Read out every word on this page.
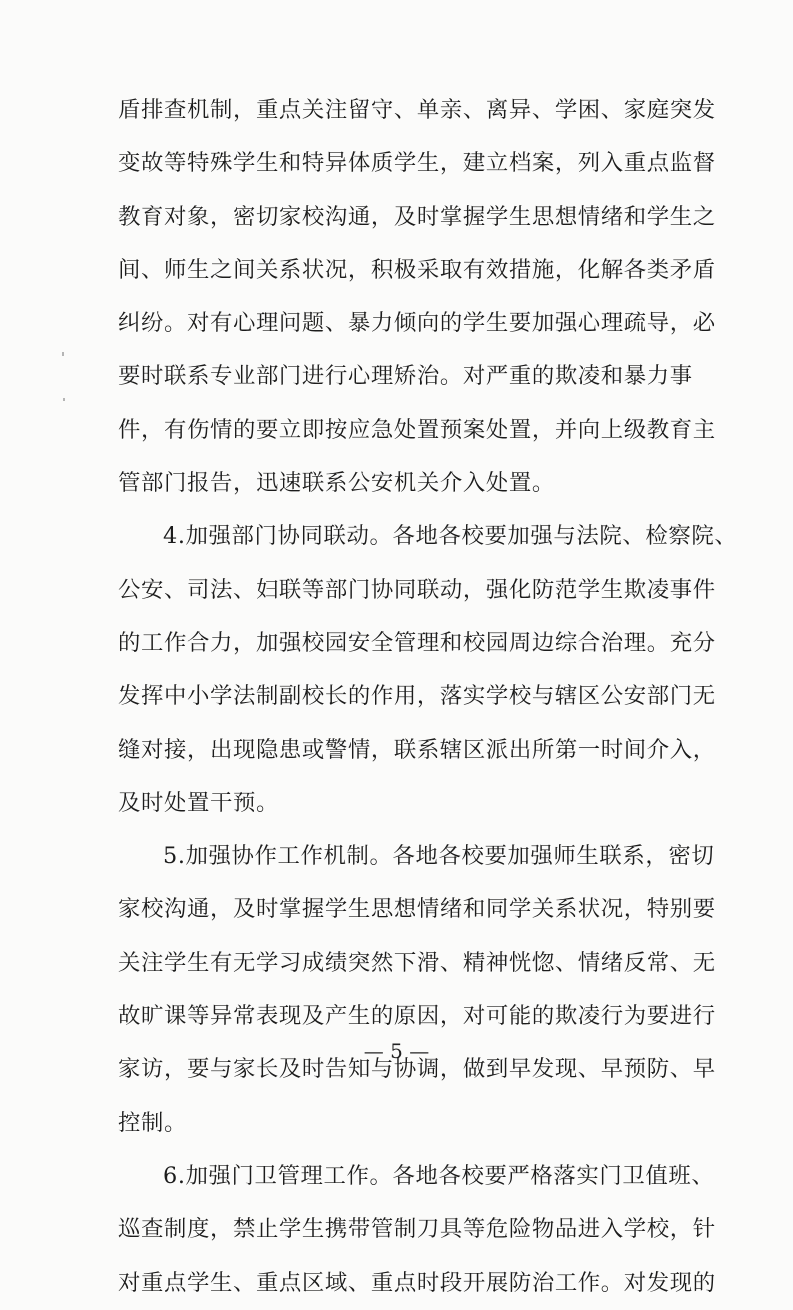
盾排查机制，重点关注留守、单亲、离异、学困、家庭突发
变故等特殊学生和特异体质学生，建立档案，列入重点监督
教育对象，密切家校沟通，及时掌握学生思想情绪和学生之
间、师生之间关系状况，积极采取有效措施，化解各类矛盾
纠纷。对有心理问题、暴力倾向的学生要加强心理疏导，必
要时联系专业部门进行心理矫治。对严重的欺凌和暴力事
件，有伤情的要立即按应急处置预案处置，并向上级教育主
管部门报告，迅速联系公安机关介入处置。
4.加强部门协同联动。各地各校要加强与法院、检察院、
公安、司法、妇联等部门协同联动，强化防范学生欺凌事件
的工作合力，加强校园安全管理和校园周边综合治理。充分
发挥中小学法制副校长的作用，落实学校与辖区公安部门无
缝对接，出现隐患或警情，联系辖区派出所第一时间介入，
及时处置干预。
5.加强协作工作机制。各地各校要加强师生联系，密切
家校沟通，及时掌握学生思想情绪和同学关系状况，特别要
关注学生有无学习成绩突然下滑、精神恍惚、情绪反常、无
故旷课等异常表现及产生的原因，对可能的欺凌行为要进行
家访，要与家长及时告知与协调，做到早发现、早预防、早
控制。
6.加强门卫管理工作。各地各校要严格落实门卫值班、
巡查制度，禁止学生携带管制刀具等危险物品进入学校，针
对重点学生、重点区域、重点时段开展防治工作。对发现的
— 5 —
